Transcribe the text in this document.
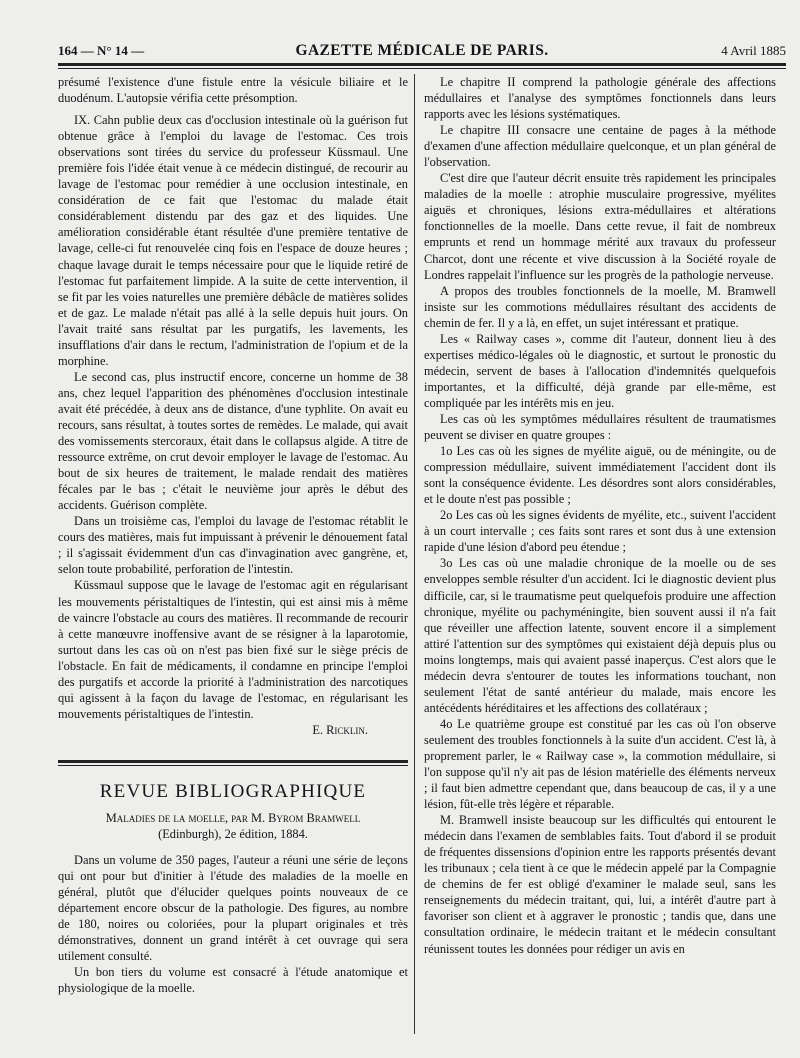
164 — N° 14 —	GAZETTE MÉDICALE DE PARIS.	4 Avril 1885

présumé l'existence d'une fistule entre la vésicule biliaire et le duodénum. L'autopsie vérifia cette présomption.

IX. Cahn publie deux cas d'occlusion intestinale où la guérison fut obtenue grâce à l'emploi du lavage de l'estomac. Ces trois observations sont tirées du service du professeur Küssmaul. Une première fois l'idée était venue à ce médecin distingué, de recourir au lavage de l'estomac pour remédier à une occlusion intestinale, en considération de ce fait que l'estomac du malade était considérablement distendu par des gaz et des liquides. Une amélioration considérable étant résultée d'une première tentative de lavage, celle-ci fut renouvelée cinq fois en l'espace de douze heures ; chaque lavage durait le temps nécessaire pour que le liquide retiré de l'estomac fut parfaitement limpide. A la suite de cette intervention, il se fit par les voies naturelles une première débâcle de matières solides et de gaz. Le malade n'était pas allé à la selle depuis huit jours. On l'avait traité sans résultat par les purgatifs, les lavements, les insufflations d'air dans le rectum, l'administration de l'opium et de la morphine.

Le second cas, plus instructif encore, concerne un homme de 38 ans, chez lequel l'apparition des phénomènes d'occlusion intestinale avait été précédée, à deux ans de distance, d'une typhlite. On avait eu recours, sans résultat, à toutes sortes de remèdes. Le malade, qui avait des vomissements stercoraux, était dans le collapsus algide. A titre de ressource extrême, on crut devoir employer le lavage de l'estomac. Au bout de six heures de traitement, le malade rendait des matières fécales par le bas ; c'était le neuvième jour après le début des accidents. Guérison complète.

Dans un troisième cas, l'emploi du lavage de l'estomac rétablit le cours des matières, mais fut impuissant à prévenir le dénouement fatal ; il s'agissait évidemment d'un cas d'invagination avec gangrène, et, selon toute probabilité, perforation de l'intestin.

Küssmaul suppose que le lavage de l'estomac agit en régularisant les mouvements péristaltiques de l'intestin, qui est ainsi mis à même de vaincre l'obstacle au cours des matières. Il recommande de recourir à cette manœuvre inoffensive avant de se résigner à la laparotomie, surtout dans les cas où on n'est pas bien fixé sur le siège précis de l'obstacle. En fait de médicaments, il condamne en principe l'emploi des purgatifs et accorde la priorité à l'administration des narcotiques qui agissent à la façon du lavage de l'estomac, en régularisant les mouvements péristaltiques de l'intestin.

E. Ricklin.

REVUE BIBLIOGRAPHIQUE
Maladies de la moelle, par M. Byrom Bramwell
(Edinburgh), 2e édition, 1884.

Dans un volume de 350 pages, l'auteur a réuni une série de leçons qui ont pour but d'initier à l'étude des maladies de la moelle en général, plutôt que d'élucider quelques points nouveaux de ce département encore obscur de la pathologie. Des figures, au nombre de 180, noires ou coloriées, pour la plupart originales et très démonstratives, donnent un grand intérêt à cet ouvrage qui sera utilement consulté.

Un bon tiers du volume est consacré à l'étude anatomique et physiologique de la moelle.

Le chapitre II comprend la pathologie générale des affections médullaires et l'analyse des symptômes fonctionnels dans leurs rapports avec les lésions systématiques.

Le chapitre III consacre une centaine de pages à la méthode d'examen d'une affection médullaire quelconque, et un plan général de l'observation.

C'est dire que l'auteur décrit ensuite très rapidement les principales maladies de la moelle : atrophie musculaire progressive, myélites aiguës et chroniques, lésions extra-médullaires et altérations fonctionnelles de la moelle. Dans cette revue, il fait de nombreux emprunts et rend un hommage mérité aux travaux du professeur Charcot, dont une récente et vive discussion à la Société royale de Londres rappelait l'influence sur les progrès de la pathologie nerveuse.

A propos des troubles fonctionnels de la moelle, M. Bramwell insiste sur les commotions médullaires résultant des accidents de chemin de fer. Il y a là, en effet, un sujet intéressant et pratique.

Les « Railway cases », comme dit l'auteur, donnent lieu à des expertises médico-légales où le diagnostic, et surtout le pronostic du médecin, servent de bases à l'allocation d'indemnités quelquefois importantes, et la difficulté, déjà grande par elle-même, est compliquée par les intérêts mis en jeu.

Les cas où les symptômes médullaires résultent de traumatismes peuvent se diviser en quatre groupes :

1o Les cas où les signes de myélite aiguë, ou de méningite, ou de compression médullaire, suivent immédiatement l'accident dont ils sont la conséquence évidente. Les désordres sont alors considérables, et le doute n'est pas possible ;

2o Les cas où les signes évidents de myélite, etc., suivent l'accident à un court intervalle ; ces faits sont rares et sont dus à une extension rapide d'une lésion d'abord peu étendue ;

3o Les cas où une maladie chronique de la moelle ou de ses enveloppes semble résulter d'un accident. Ici le diagnostic devient plus difficile, car, si le traumatisme peut quelquefois produire une affection chronique, myélite ou pachyméningite, bien souvent aussi il n'a fait que réveiller une affection latente, souvent encore il a simplement attiré l'attention sur des symptômes qui existaient déjà depuis plus ou moins longtemps, mais qui avaient passé inaperçus. C'est alors que le médecin devra s'entourer de toutes les informations touchant, non seulement l'état de santé antérieur du malade, mais encore les antécédents héréditaires et les affections des collatéraux ;

4o Le quatrième groupe est constitué par les cas où l'on observe seulement des troubles fonctionnels à la suite d'un accident. C'est là, à proprement parler, le « Railway case », la commotion médullaire, si l'on suppose qu'il n'y ait pas de lésion matérielle des éléments nerveux ; il faut bien admettre cependant que, dans beaucoup de cas, il y a une lésion, fût-elle très légère et réparable.

M. Bramwell insiste beaucoup sur les difficultés qui entourent le médecin dans l'examen de semblables faits. Tout d'abord il se produit de fréquentes dissensions d'opinion entre les rapports présentés devant les tribunaux ; cela tient à ce que le médecin appelé par la Compagnie de chemins de fer est obligé d'examiner le malade seul, sans les renseignements du médecin traitant, qui, lui, a intérêt d'autre part à favoriser son client et à aggraver le pronostic ; tandis que, dans une consultation ordinaire, le médecin traitant et le médecin consultant réunissent toutes les données pour rédiger un avis en
